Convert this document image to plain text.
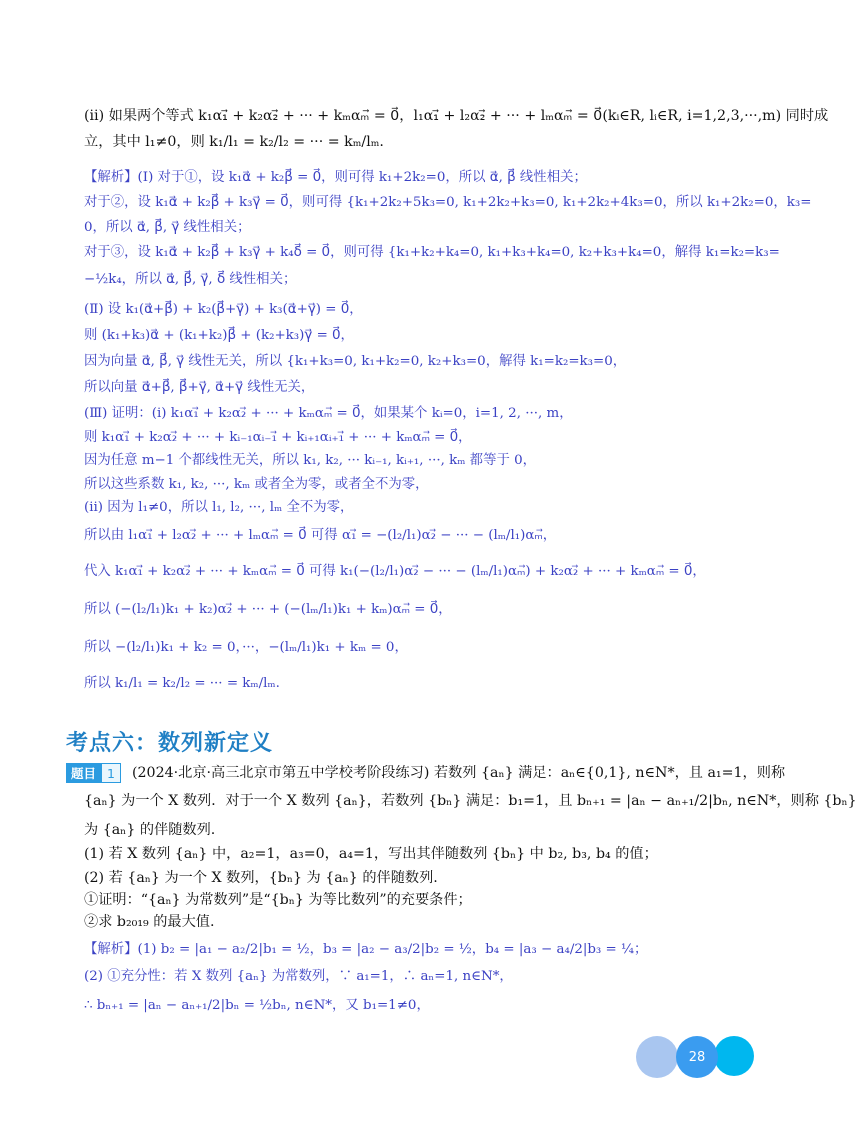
(ⅱ) 如果两个等式 k₁α₁⃗ + k₂α₂⃗ + ··· + kₘαₘ⃗ = 0⃗，l₁α₁⃗ + l₂α₂⃗ + ··· + lₘαₘ⃗ = 0⃗(kᵢ∈R, lᵢ∈R, i=1,2,3,···,m) 同时成
立，其中 l₁≠0，则 k₁/l₁ = k₂/l₂ = ··· = kₘ/lₘ.
【解析】(Ⅰ) 对于①，设 k₁α⃗ + k₂β⃗ = 0⃗，则可得 k₁+2k₂=0，所以 α⃗, β⃗ 线性相关；
对于②，设 k₁α⃗ + k₂β⃗ + k₃γ⃗ = 0⃗，则可得 {k₁+2k₂+5k₃=0, k₁+2k₂+k₃=0, k₁+2k₂+4k₃=0，所以 k₁+2k₂=0，k₃=
0，所以 α⃗, β⃗, γ⃗ 线性相关；
对于③，设 k₁α⃗ + k₂β⃗ + k₃γ⃗ + k₄δ⃗ = 0⃗，则可得 {k₁+k₂+k₄=0, k₁+k₃+k₄=0, k₂+k₃+k₄=0，解得 k₁=k₂=k₃=
−½k₄，所以 α⃗, β⃗, γ⃗, δ⃗ 线性相关；
(Ⅱ) 设 k₁(α⃗+β⃗) + k₂(β⃗+γ⃗) + k₃(α⃗+γ⃗) = 0⃗，
则 (k₁+k₃)α⃗ + (k₁+k₂)β⃗ + (k₂+k₃)γ⃗ = 0⃗，
因为向量 α⃗, β⃗, γ⃗ 线性无关，所以 {k₁+k₃=0, k₁+k₂=0, k₂+k₃=0，解得 k₁=k₂=k₃=0，
所以向量 α⃗+β⃗, β⃗+γ⃗, α⃗+γ⃗ 线性无关，
(Ⅲ) 证明：(ⅰ) k₁α₁⃗ + k₂α₂⃗ + ··· + kₘαₘ⃗ = 0⃗，如果某个 kᵢ=0，i=1, 2, ···, m，
则 k₁α₁⃗ + k₂α₂⃗ + ··· + kᵢ₋₁αᵢ₋₁⃗ + kᵢ₊₁αᵢ₊₁⃗ + ··· + kₘαₘ⃗ = 0⃗，
因为任意 m−1 个都线性无关，所以 k₁, k₂, ··· kᵢ₋₁, kᵢ₊₁, ···, kₘ 都等于 0，
所以这些系数 k₁, k₂, ···, kₘ 或者全为零，或者全不为零，
(ⅱ) 因为 l₁≠0，所以 l₁, l₂, ···, lₘ 全不为零，
所以由 l₁α₁⃗ + l₂α₂⃗ + ··· + lₘαₘ⃗ = 0⃗ 可得 α₁⃗ = −(l₂/l₁)α₂⃗ − ··· − (lₘ/l₁)αₘ⃗，
代入 k₁α₁⃗ + k₂α₂⃗ + ··· + kₘαₘ⃗ = 0⃗ 可得 k₁(−(l₂/l₁)α₂⃗ − ··· − (lₘ/l₁)αₘ⃗) + k₂α₂⃗ + ··· + kₘαₘ⃗ = 0⃗，
所以 (−(l₂/l₁)k₁ + k₂)α₂⃗ + ··· + (−(lₘ/l₁)k₁ + kₘ)αₘ⃗ = 0⃗，
所以 −(l₂/l₁)k₁ + k₂ = 0，···，−(lₘ/l₁)k₁ + kₘ = 0，
所以 k₁/l₁ = k₂/l₂ = ··· = kₘ/lₘ.
考点六：数列新定义
题目 1	(2024·北京·高三北京市第五中学校考阶段练习) 若数列 {aₙ} 满足：aₙ∈{0,1}, n∈N*，且 a₁=1，则称
{aₙ} 为一个 X 数列．对于一个 X 数列 {aₙ}，若数列 {bₙ} 满足：b₁=1，且 bₙ₊₁ = |aₙ − aₙ₊₁/2|bₙ, n∈N*，则称 {bₙ}
为 {aₙ} 的伴随数列.
(1) 若 X 数列 {aₙ} 中，a₂=1，a₃=0，a₄=1，写出其伴随数列 {bₙ} 中 b₂, b₃, b₄ 的值；
(2) 若 {aₙ} 为一个 X 数列，{bₙ} 为 {aₙ} 的伴随数列.
①证明：“{aₙ} 为常数列”是“{bₙ} 为等比数列”的充要条件；
②求 b₂₀₁₉ 的最大值.
【解析】(1) b₂ = |a₁ − a₂/2|b₁ = ½，b₃ = |a₂ − a₃/2|b₂ = ½，b₄ = |a₃ − a₄/2|b₃ = ¼；
(2) ①充分性：若 X 数列 {aₙ} 为常数列，∵ a₁=1，∴ aₙ=1, n∈N*，
∴ bₙ₊₁ = |aₙ − aₙ₊₁/2|bₙ = ½bₙ, n∈N*，又 b₁=1≠0，
28
